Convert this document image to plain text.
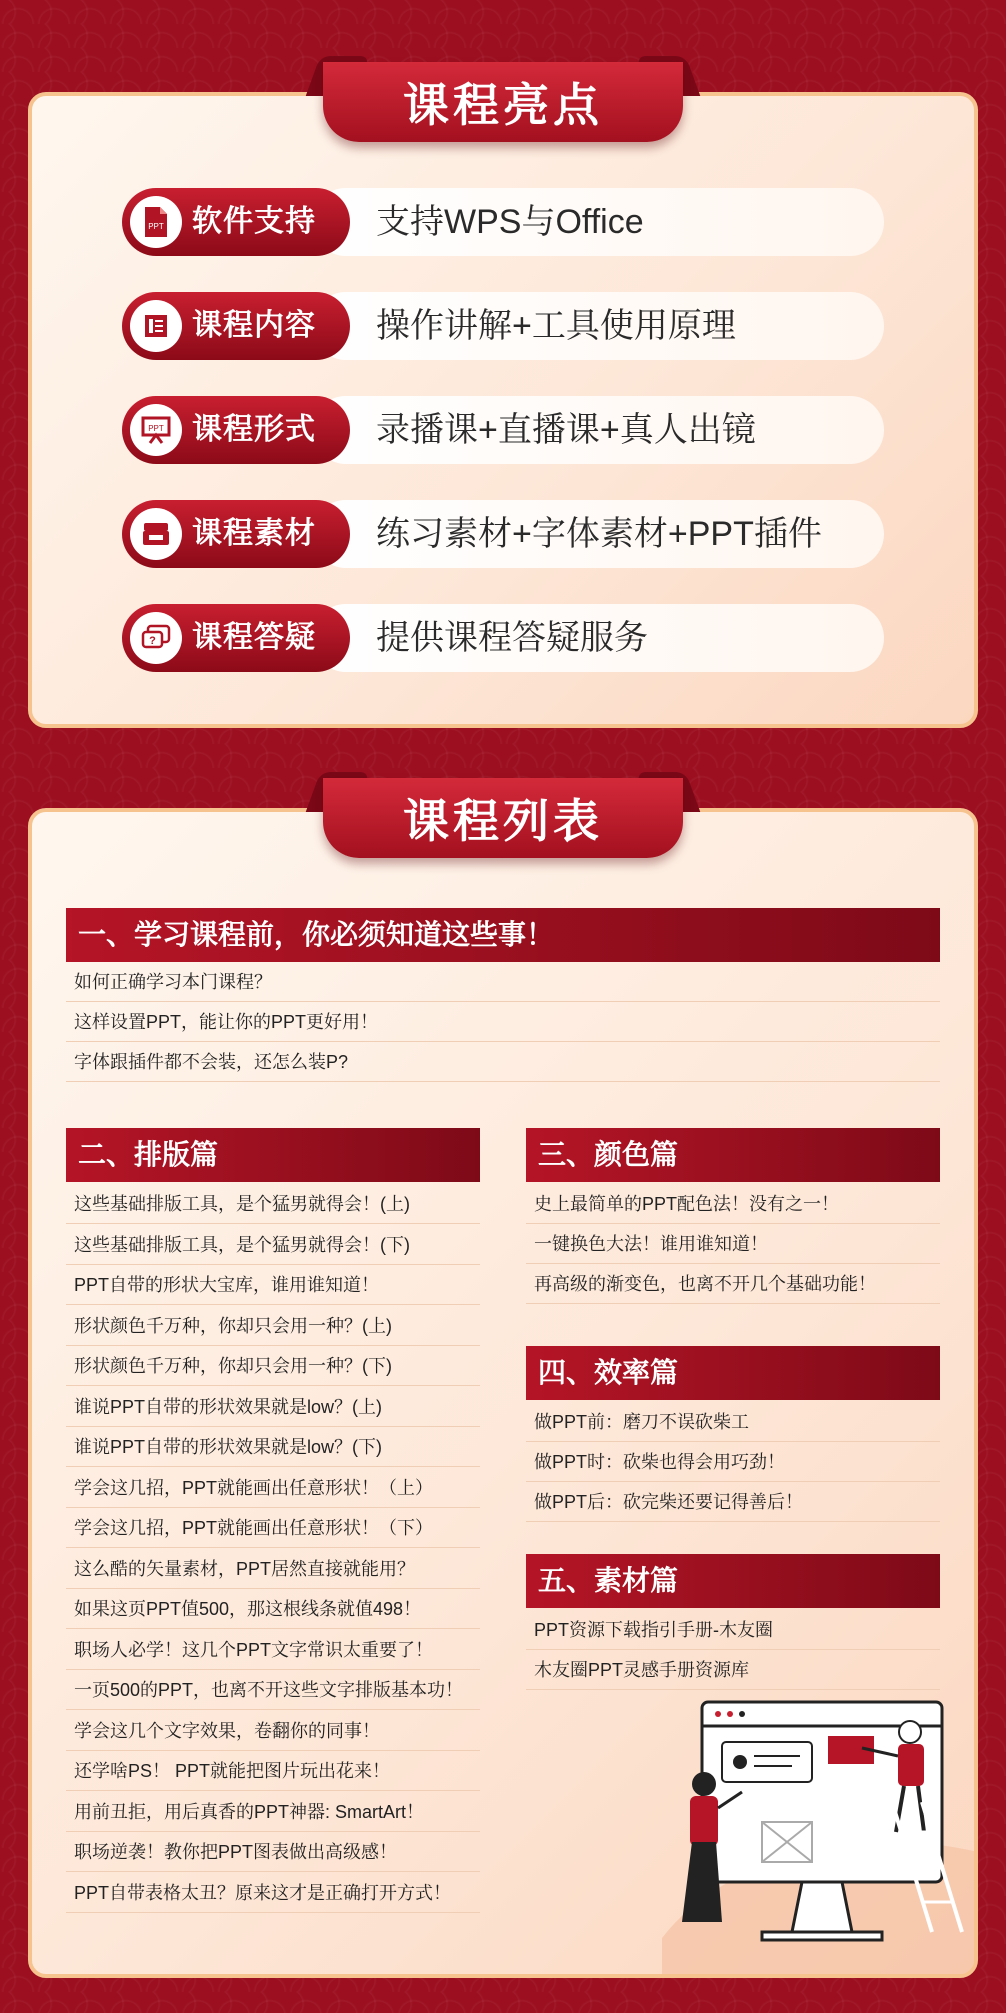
课程亮点
支持WPS与Office
PPT 软件支持
操作讲解+工具使用原理
课程内容
录播课+直播课+真人出镜
PPT 课程形式
练习素材+字体素材+PPT插件
课程素材
提供课程答疑服务
? 课程答疑
课程列表
一、学习课程前，你必须知道这些事！
如何正确学习本门课程？
这样设置PPT，能让你的PPT更好用！
字体跟插件都不会装，还怎么装P?
二、排版篇
这些基础排版工具，是个猛男就得会！(上)
这些基础排版工具，是个猛男就得会！(下)
PPT自带的形状大宝库，谁用谁知道！
形状颜色千万种，你却只会用一种？(上)
形状颜色千万种，你却只会用一种？(下)
谁说PPT自带的形状效果就是low？(上)
谁说PPT自带的形状效果就是low？(下)
学会这几招，PPT就能画出任意形状！（上）
学会这几招，PPT就能画出任意形状！（下）
这么酷的矢量素材，PPT居然直接就能用？
如果这页PPT值500，那这根线条就值498！
职场人必学！这几个PPT文字常识太重要了！
一页500的PPT，也离不开这些文字排版基本功！
学会这几个文字效果，卷翻你的同事！
还学啥PS！ PPT就能把图片玩出花来！
用前丑拒，用后真香的PPT神器: SmartArt！
职场逆袭！教你把PPT图表做出高级感！
PPT自带表格太丑？原来这才是正确打开方式！
三、颜色篇
史上最简单的PPT配色法！没有之一！
一键换色大法！谁用谁知道！
再高级的渐变色，也离不开几个基础功能！
四、效率篇
做PPT前：磨刀不误砍柴工
做PPT时：砍柴也得会用巧劲！
做PPT后：砍完柴还要记得善后！
五、素材篇
PPT资源下载指引手册-木友圈
木友圈PPT灵感手册资源库
